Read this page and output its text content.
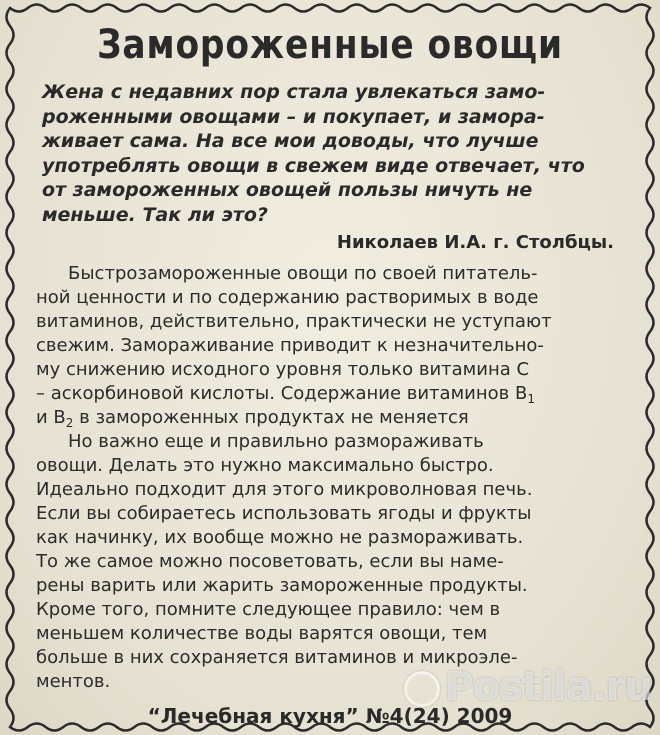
Замороженные овощи
Жена с недавних пор стала увлекаться замо-
роженными овощами – и покупает, и замора-
живает сама. На все мои доводы, что лучше
употреблять овощи в свежем виде отвечает, что
от замороженных овощей пользы ничуть не
меньше. Так ли это?
Николаев И.А. г. Столбцы.

Быстрозамороженные овощи по своей питатель-
ной ценности и по содержанию растворимых в воде
витаминов, действительно, практически не уступают
свежим. Замораживание приводит к незначительно-
му снижению исходного уровня только витамина С
– аскорбиновой кислоты. Содержание витаминов $В_1$
и $В_2$ в замороженных продуктах не меняется

Но важно еще и правильно размораживать
овощи. Делать это нужно максимально быстро.
Идеально подходит для этого микроволновая печь.
Если вы собираетесь использовать ягоды и фрукты
как начинку, их вообще можно не размораживать.
То же самое можно посоветовать, если вы наме-
рены варить или жарить замороженные продукты.
Кроме того, помните следующее правило: чем в
меньшем количестве воды варятся овощи, тем
больше в них сохраняется витаминов и микроэле-
ментов.	Postila.ru
“Лечебная кухня” №4(24) 2009
